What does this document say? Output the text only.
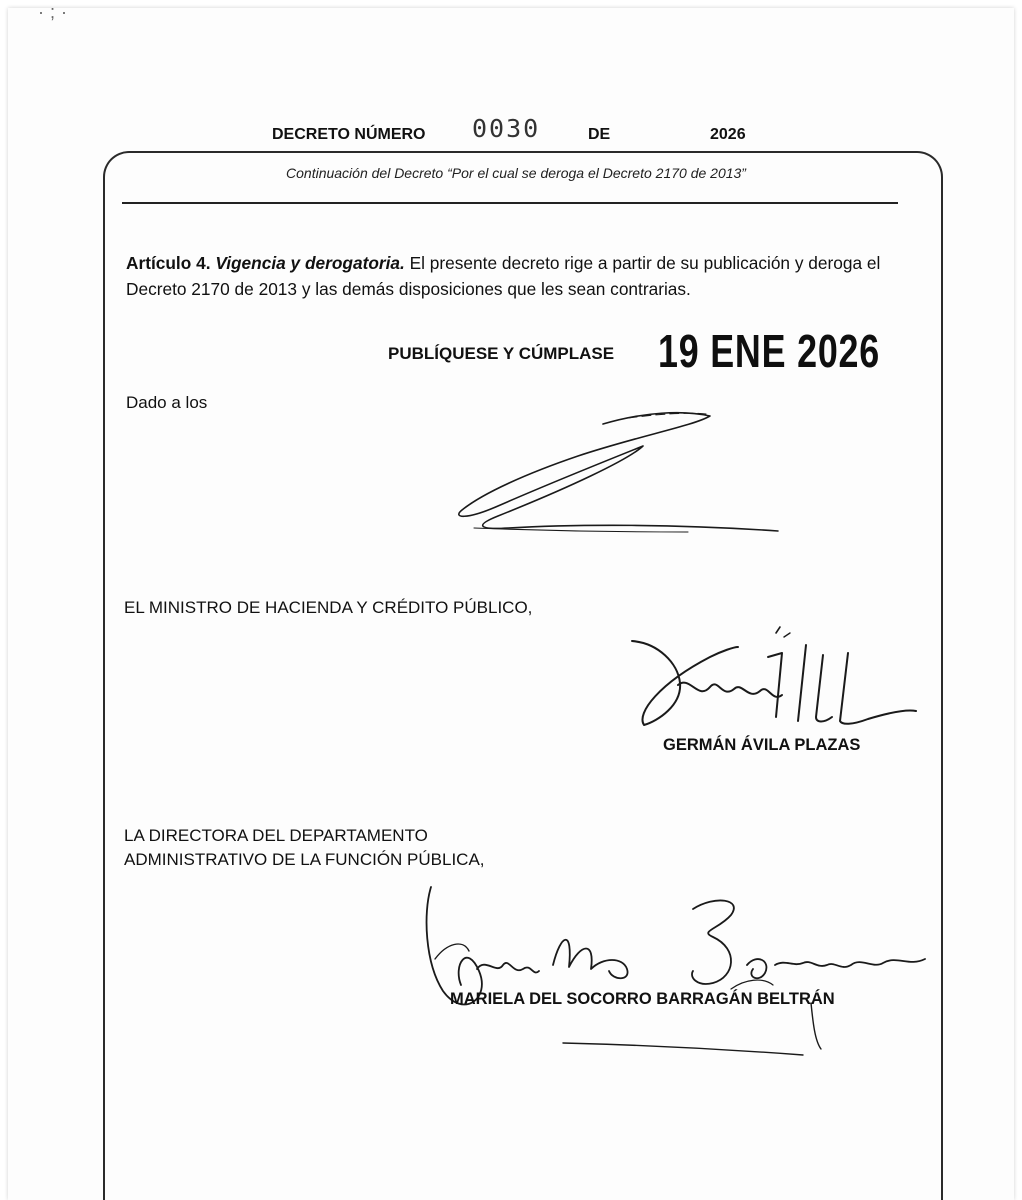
·;·
DECRETO NÚMERO 0030	DE	2026
Continuación del Decreto “Por el cual se deroga el Decreto 2170 de 2013”
Artículo 4. Vigencia y derogatoria. El presente decreto rige a partir de su publicación y deroga el Decreto 2170 de 2013 y las demás disposiciones que les sean contrarias.
PUBLÍQUESE Y CÚMPLASE 19 ENE 2026
Dado a los
EL MINISTRO DE HACIENDA Y CRÉDITO PÚBLICO,
GERMÁN ÁVILA PLAZAS
LA DIRECTORA DEL DEPARTAMENTO
ADMINISTRATIVO DE LA FUNCIÓN PÚBLICA,
MARIELA DEL SOCORRO BARRAGÁN BELTRÁN
